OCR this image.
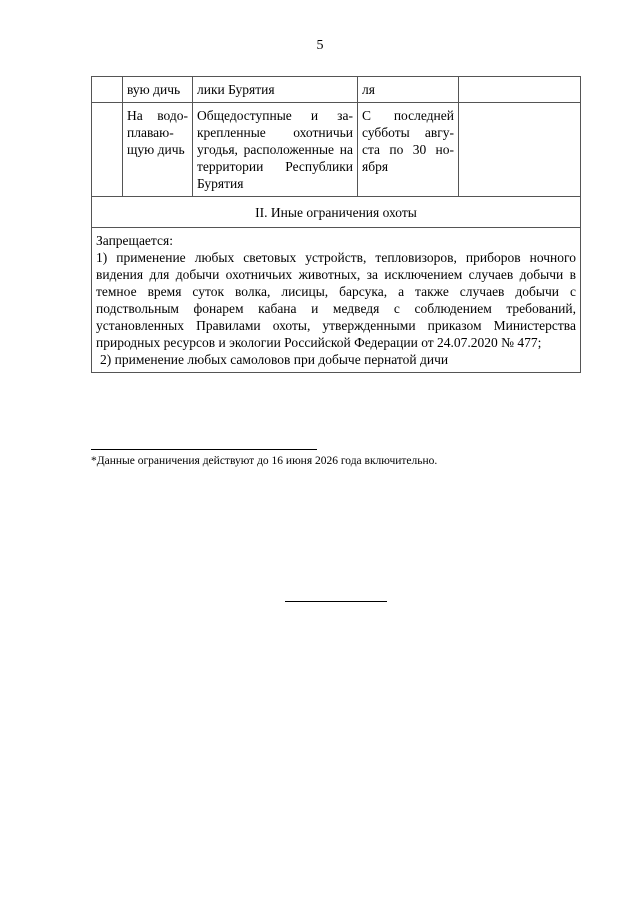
5
	вую дичь	лики Бурятия	ля	
	На водоплавающую дичь	Общедоступные и закрепленные охотничьи угодья, расположенные на территории Республики Бурятия	С последней субботы августа по 30 ноября	
II. Иные ограничения охоты				

Запрещается:

1) применение любых световых устройств, тепловизоров, приборов ночного видения для добычи охотничьих животных, за исключением случаев добычи в темное время суток волка, лисицы, барсука, а также случаев добычи с подствольным фонарем кабана и медведя с соблюдением требований, установленных Правилами охоты, утвержденными приказом Министерства природных ресурсов и экологии Российской Федерации от 24.07.2020 № 477;

2) применение любых самоловов при добыче пернатой дичи				

*Данные ограничения действуют до 16 июня 2026 года включительно.
